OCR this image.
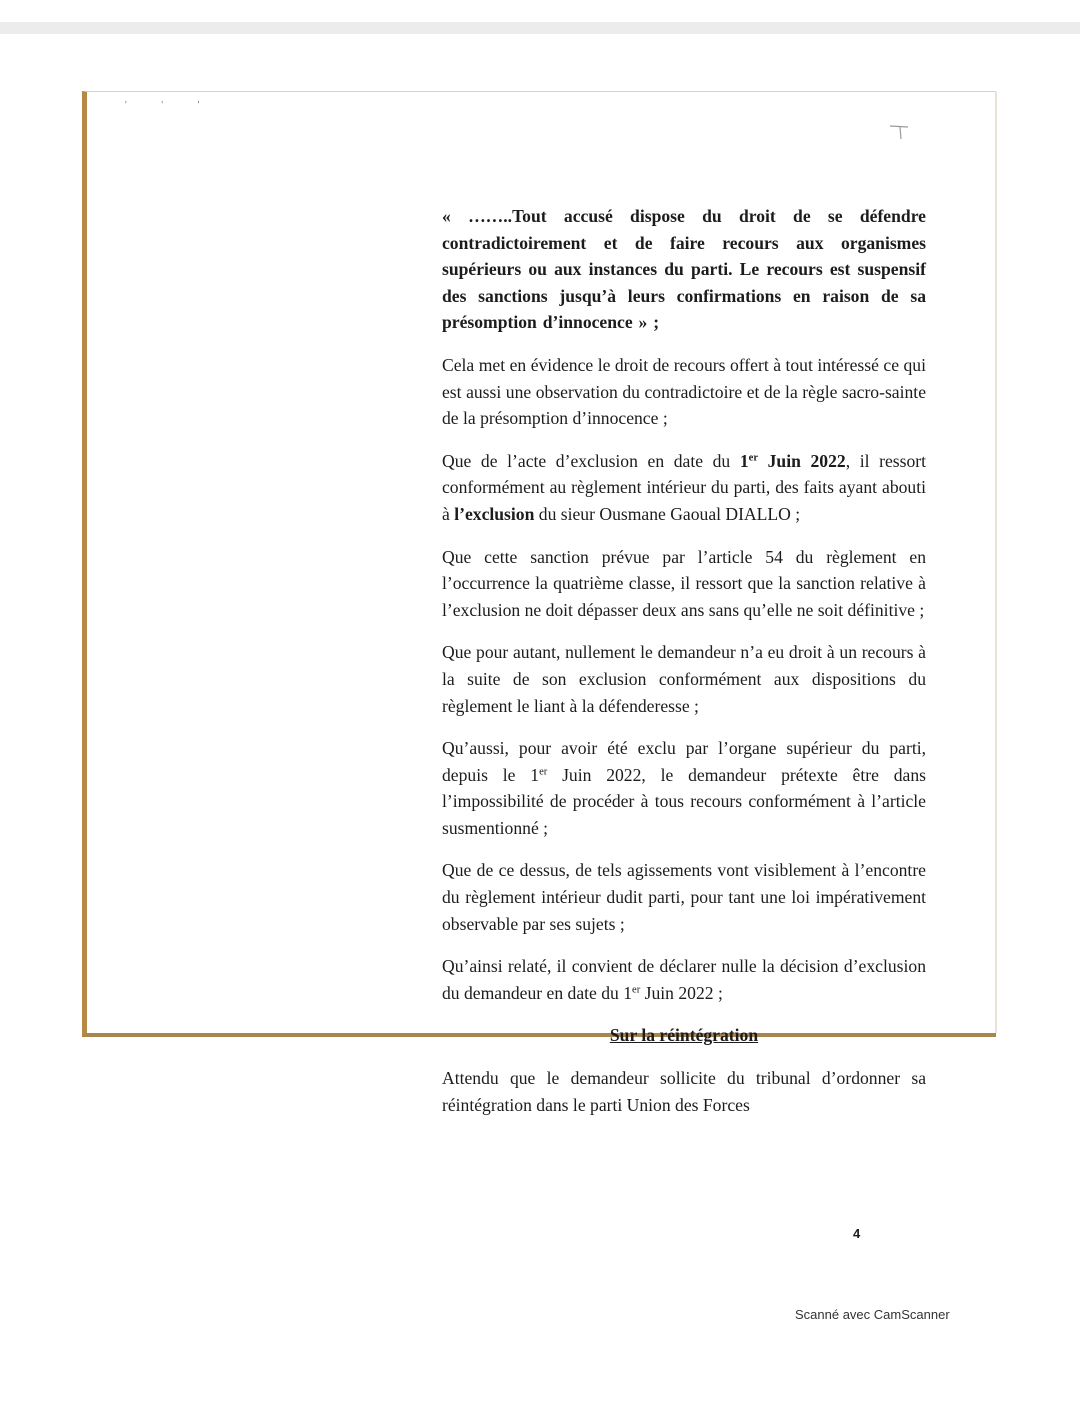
' ' '

« ……..Tout accusé dispose du droit de se défendre contradictoirement et de faire recours aux organismes supérieurs ou aux instances du parti. Le recours est suspensif des sanctions jusqu’à leurs confirmations en raison de sa présomption d’innocence » ;

Cela met en évidence le droit de recours offert à tout intéressé ce qui est aussi une observation du contradictoire et de la règle sacro-sainte de la présomption d’innocence ;

Que de l’acte d’exclusion en date du 1er Juin 2022, il ressort conformément au règlement intérieur du parti, des faits ayant abouti à l’exclusion du sieur Ousmane Gaoual DIALLO ;

Que cette sanction prévue par l’article 54 du règlement en l’occurrence la quatrième classe, il ressort que la sanction relative à l’exclusion ne doit dépasser deux ans sans qu’elle ne soit définitive ;

Que pour autant, nullement le demandeur n’a eu droit à un recours à la suite de son exclusion conformément aux dispositions du règlement le liant à la défenderesse ;

Qu’aussi, pour avoir été exclu par l’organe supérieur du parti, depuis le 1er Juin 2022, le demandeur prétexte être dans l’impossibilité de procéder à tous recours conformément à l’article susmentionné ;

Que de ce dessus, de tels agissements vont visiblement à l’encontre du règlement intérieur dudit parti, pour tant une loi impérativement observable par ses sujets ;

Qu’ainsi relaté, il convient de déclarer nulle la décision d’exclusion du demandeur en date du 1er Juin 2022 ;

Sur la réintégration

Attendu que le demandeur sollicite du tribunal d’ordonner sa réintégration dans le parti Union des Forces

4
Scanné avec CamScanner
